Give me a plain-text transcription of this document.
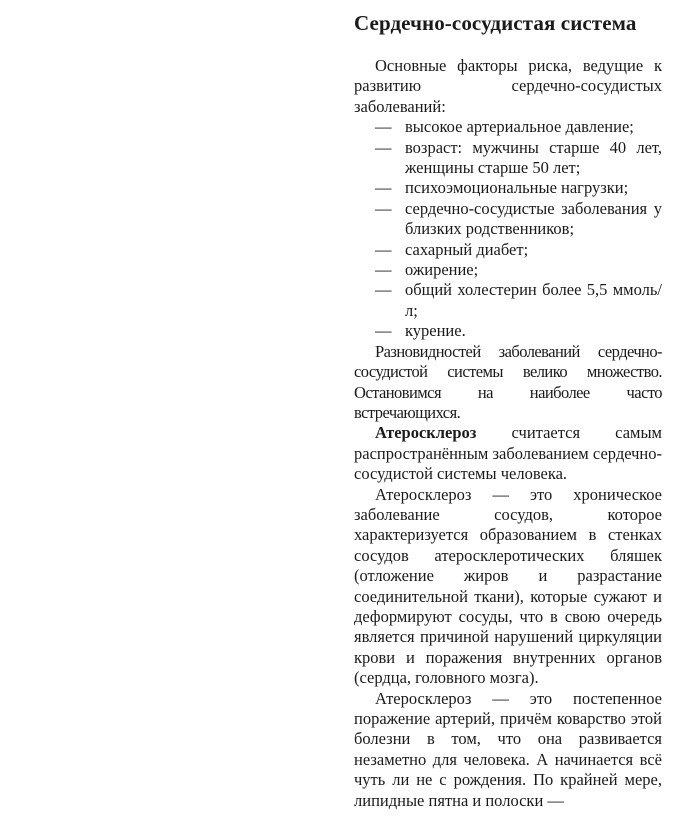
Сердечно-сосудистая система

Основные факторы риска, ведущие к развитию сердечно-сосудистых заболеваний:

— высокое артериальное давление;
— возраст: мужчины старше 40 лет, женщины старше 50 лет;
— психоэмоциональные нагрузки;
— сердечно-сосудистые заболевания у близких родственников;
— сахарный диабет;
— ожирение;
— общий холестерин более 5,5 ммоль/л;
— курение.

Разновидностей заболеваний сердечно-сосудистой системы велико множество. Остановимся на наиболее часто встречающихся.

Атеросклероз считается самым распространённым заболеванием сердечно-сосудистой системы человека.

Атеросклероз — это хроническое заболевание сосудов, которое характеризуется образованием в стенках сосудов атеросклеротических бляшек (отложение жиров и разрастание соединительной ткани), которые сужают и деформируют сосуды, что в свою очередь является причиной нарушений циркуляции крови и поражения внутренних органов (сердца, головного мозга).

Атеросклероз — это постепенное поражение артерий, причём коварство этой болезни в том, что она развивается незаметно для человека. А начинается всё чуть ли не с рождения. По крайней мере, липидные пятна и полоски —
